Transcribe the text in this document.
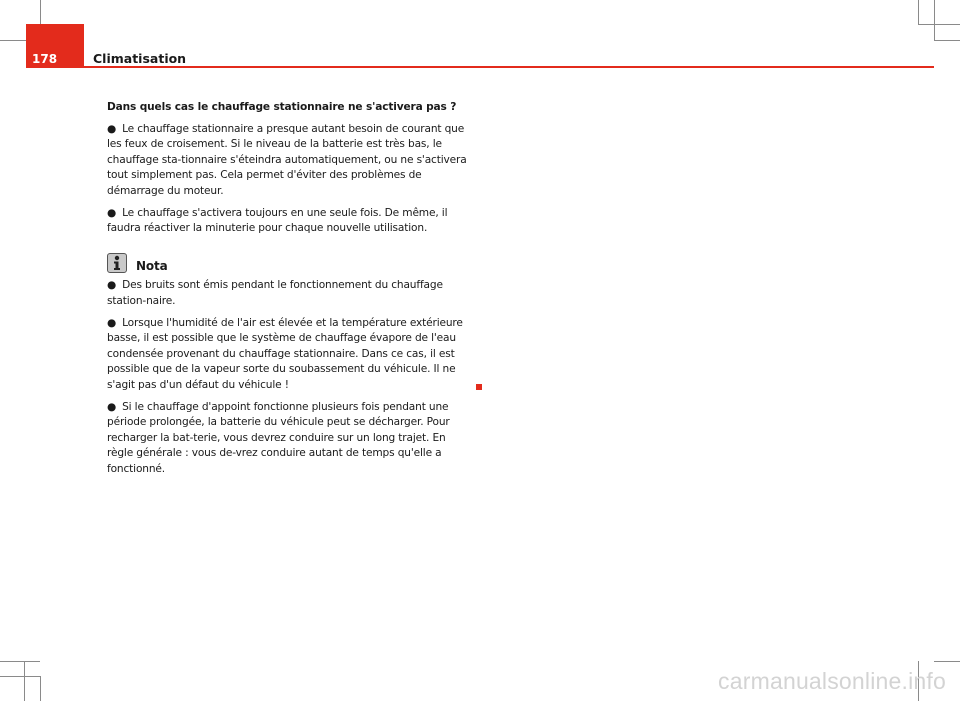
178	Climatisation

Dans quels cas le chauffage stationnaire ne s'activera pas ?

● Le chauffage stationnaire a presque autant besoin de courant que les feux de croisement. Si le niveau de la batterie est très bas, le chauffage sta-tionnaire s'éteindra automatiquement, ou ne s'activera tout simplement pas. Cela permet d'éviter des problèmes de démarrage du moteur.

● Le chauffage s'activera toujours en une seule fois. De même, il faudra réactiver la minuterie pour chaque nouvelle utilisation.

Nota

● Des bruits sont émis pendant le fonctionnement du chauffage station-naire.

● Lorsque l'humidité de l'air est élevée et la température extérieure basse, il est possible que le système de chauffage évapore de l'eau condensée provenant du chauffage stationnaire. Dans ce cas, il est possible que de la vapeur sorte du soubassement du véhicule. Il ne s'agit pas d'un défaut du véhicule !

● Si le chauffage d'appoint fonctionne plusieurs fois pendant une période prolongée, la batterie du véhicule peut se décharger. Pour recharger la bat-terie, vous devrez conduire sur un long trajet. En règle générale : vous de-vrez conduire autant de temps qu'elle a fonctionné.

carmanualsonline.info
